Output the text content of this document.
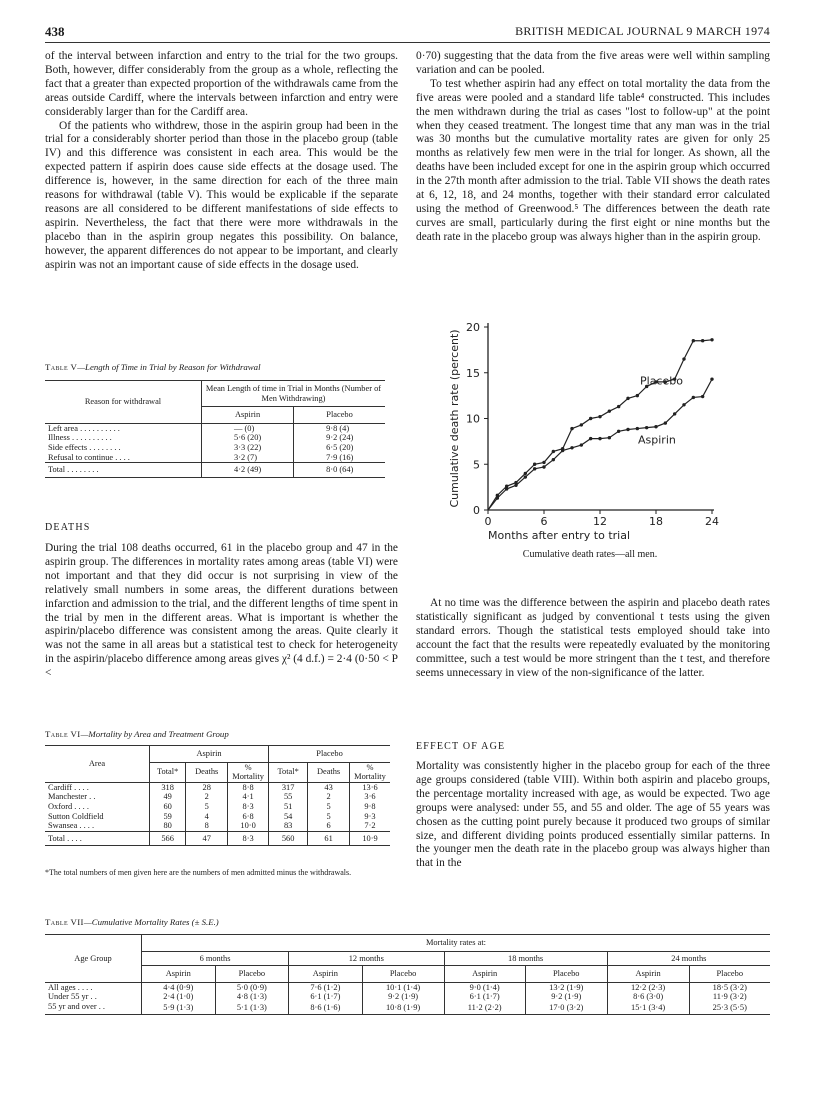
438	BRITISH MEDICAL JOURNAL 9 MARCH 1974

of the interval between infarction and entry to the trial for the two groups. Both, however, differ considerably from the group as a whole, reflecting the fact that a greater than expected proportion of the withdrawals came from the areas outside Cardiff, where the intervals between infarction and entry were considerably larger than for the Cardiff area.

Of the patients who withdrew, those in the aspirin group had been in the trial for a considerably shorter period than those in the placebo group (table IV) and this difference was consistent in each area. This would be the expected pattern if aspirin does cause side effects at the dosage used. The difference is, however, in the same direction for each of the three main reasons for withdrawal (table V). This would be explicable if the separate reasons are all considered to be different manifestations of side effects to aspirin. Nevertheless, the fact that there were more withdrawals in the placebo than in the aspirin group negates this possibility. On balance, however, the apparent differences do not appear to be important, and clearly aspirin was not an important cause of side effects in the dosage used.

Table V—Length of Time in Trial by Reason for Withdrawal
Reason for withdrawal	Mean Length of time in Trial in Months (Number of Men Withdrawing)	
	Aspirin	Placebo
Left area . . . . . . . . . .	— (0)	9·8 (4)
Illness . . . . . . . . . .	5·6 (20)	9·2 (24)
Side effects . . . . . . . .	3·3 (22)	6·5 (20)
Refusal to continue . . . .	3·2 (7)	7·9 (16)
Total . . . . . . . .	4·2 (49)	8·0 (64)
DEATHS

During the trial 108 deaths occurred, 61 in the placebo group and 47 in the aspirin group. The differences in mortality rates among areas (table VI) were not important and that they did occur is not surprising in view of the relatively small numbers in some areas, the different durations between infarction and admission to the trial, and the different lengths of time spent in the trial by men in the different areas. What is important is whether the aspirin/placebo difference was consistent among the areas. Quite clearly it was not the same in all areas but a statistical test to check for heterogeneity in the aspirin/placebo difference among areas gives χ² (4 d.f.) = 2·4 (0·50 < P <

Table VI—Mortality by Area and Treatment Group
Area	Aspirin			Placebo		
	Total*	Deaths	% Mortality	Total*	Deaths	% Mortality
Cardiff . . . .	318	28	8·8	317	43	13·6
Manchester . .	49	2	4·1	55	2	3·6
Oxford . . . .	60	5	8·3	51	5	9·8
Sutton Coldfield	59	4	6·8	54	5	9·3
Swansea . . . .	80	8	10·0	83	6	7·2
Total . . . .	566	47	8·3	560	61	10·9
*The total numbers of men given here are the numbers of men admitted minus the withdrawals.

0·70) suggesting that the data from the five areas were well within sampling variation and can be pooled.

To test whether aspirin had any effect on total mortality the data from the five areas were pooled and a standard life table⁴ constructed. This includes the men withdrawn during the trial as cases "lost to follow-up" at the point when they ceased treatment. The longest time that any man was in the trial was 30 months but the cumulative mortality rates are given for only 25 months as relatively few men were in the trial for longer. As shown, all the deaths have been included except for one in the aspirin group which occurred in the 27th month after admission to the trial. Table VII shows the death rates at 6, 12, 18, and 24 months, together with their standard error calculated using the method of Greenwood.⁵ The differences between the death rate curves are small, particularly during the first eight or nine months but the death rate in the placebo group was always higher than in the aspirin group.

0
5
10
15
20
0	6	12	18	24
Months after entry to trial
Cumulative death rate (percent)	Placebo
Aspirin
Cumulative death rates—all men.

At no time was the difference between the aspirin and placebo death rates statistically significant as judged by conventional t tests using the given standard errors. Though the statistical tests employed should take into account the fact that the results were repeatedly evaluated by the monitoring committee, such a test would be more stringent than the t test, and therefore seems unnecessary in view of the non-significance of the latter.

EFFECT OF AGE

Mortality was consistently higher in the placebo group for each of the three age groups considered (table VIII). Within both aspirin and placebo groups, the percentage mortality increased with age, as would be expected. Two age groups were analysed: under 55, and 55 and older. The age of 55 years was chosen as the cutting point purely because it produced two groups of similar size, and different dividing points produced essentially similar patterns. In the younger men the death rate in the placebo group was always higher than that in the

Table VII—Cumulative Mortality Rates (± S.E.)
Age Group	Mortality rates at:							
	6 months		12 months		18 months		24 months	
	Aspirin	Placebo	Aspirin	Placebo	Aspirin	Placebo	Aspirin	Placebo
All ages . . . .	4·4 (0·9)	5·0 (0·9)	7·6 (1·2)	10·1 (1·4)	9·0 (1·4)	13·2 (1·9)	12·2 (2·3)	18·5 (3·2)
Under 55 yr . .	2·4 (1·0)	4·8 (1·3)	6·1 (1·7)	9·2 (1·9)	6·1 (1·7)	9·2 (1·9)	8·6 (3·0)	11·9 (3·2)
55 yr and over . .	5·9 (1·3)	5·1 (1·3)	8·6 (1·6)	10·8 (1·9)	11·2 (2·2)	17·0 (3·2)	15·1 (3·4)	25·3 (5·5)
